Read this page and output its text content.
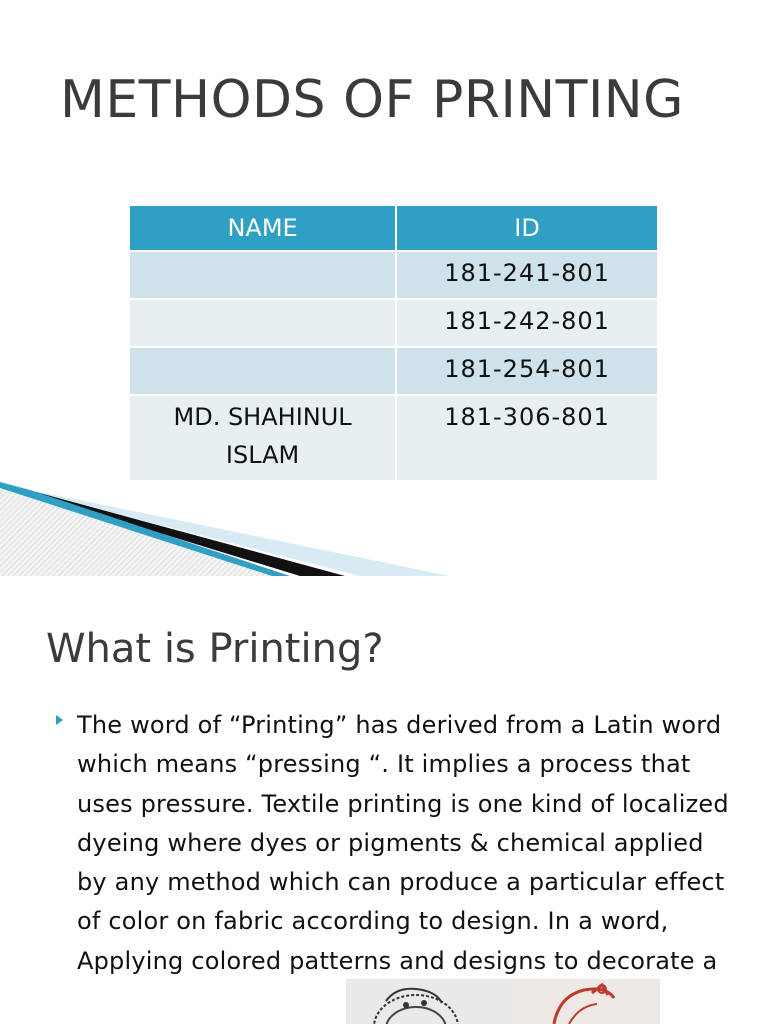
METHODS OF PRINTING
NAME	ID
	181-241-801
	181-242-801
	181-254-801

MD. SHAHINUL
ISLAM	181-306-801
What is Printing?
The word of “Printing” has derived from a Latin word which means “pressing “. It implies a process that uses pressure. Textile printing is one kind of localized dyeing where dyes or pigments & chemical applied by any method which can produce a particular effect of color on fabric according to design. In a word, Applying colored patterns and designs to decorate a
